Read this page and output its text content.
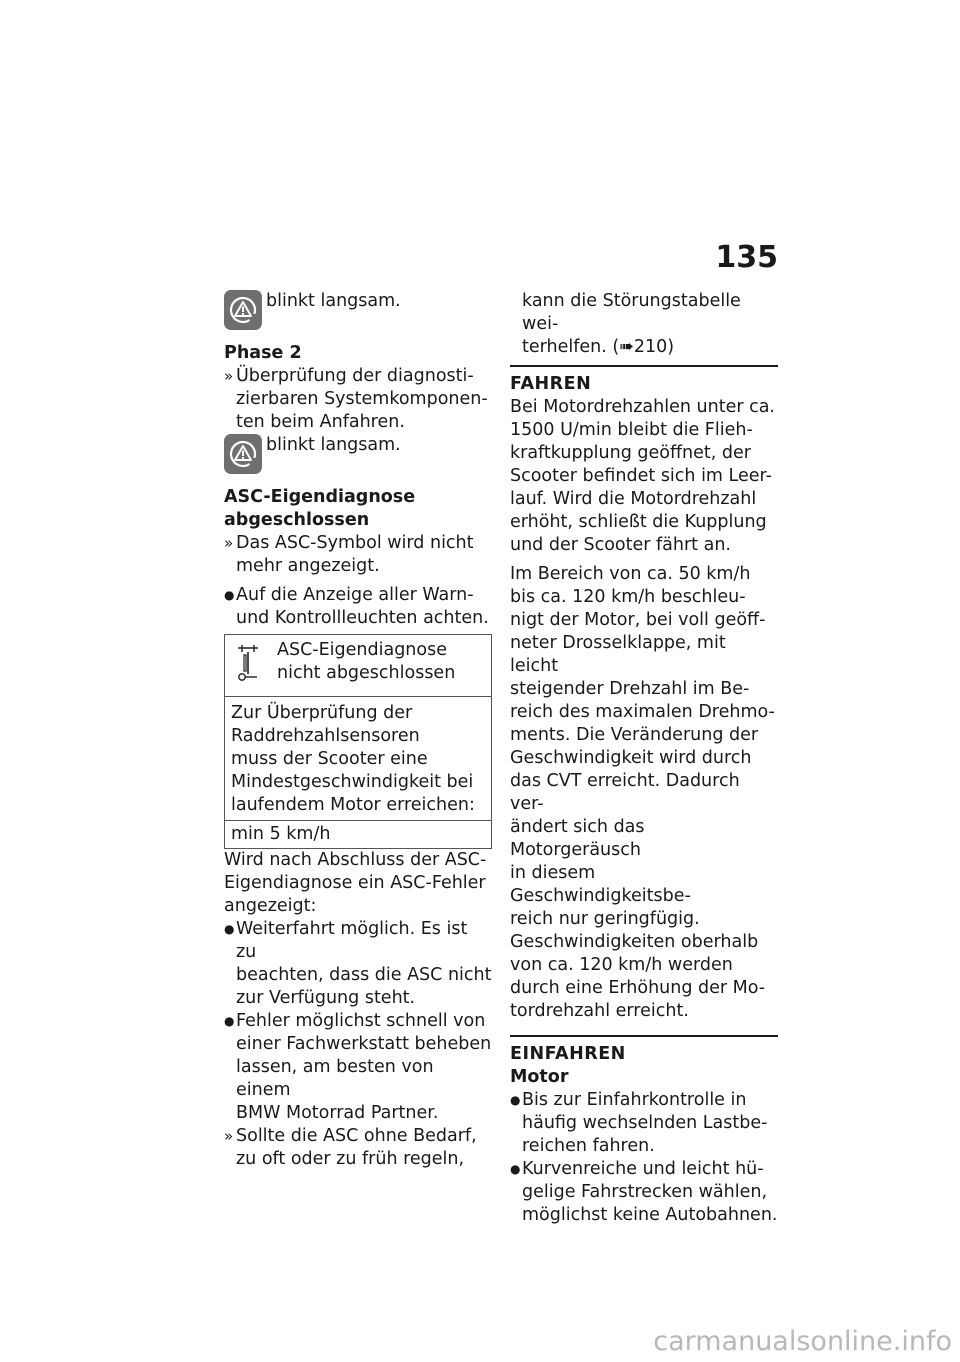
135
blinkt langsam.
Phase 2
» Überprüfung der diagnosti-
zierbaren Systemkomponen-
ten beim Anfahren.
blinkt langsam.
ASC-Eigendiagnose
abgeschlossen
» Das ASC-Symbol wird nicht
mehr angezeigt.
● Auf die Anzeige aller Warn-
und Kontrollleuchten achten.
ASC-Eigendiagnose
nicht abgeschlossen
Zur Überprüfung der
Raddrehzahlsensoren
muss der Scooter eine
Mindestgeschwindigkeit bei
laufendem Motor erreichen:
min 5 km/h
Wird nach Abschluss der ASC-
Eigendiagnose ein ASC-Fehler
angezeigt:
● Weiterfahrt möglich. Es ist zu
beachten, dass die ASC nicht
zur Verfügung steht.
● Fehler möglichst schnell von
einer Fachwerkstatt beheben
lassen, am besten von einem
BMW Motorrad Partner.
» Sollte die ASC ohne Bedarf,
zu oft oder zu früh regeln,
kann die Störungstabelle wei-
terhelfen. (➠210)
FAHREN
Bei Motordrehzahlen unter ca.
1500 U/min bleibt die Flieh-
kraftkupplung geöffnet, der
Scooter befindet sich im Leer-
lauf. Wird die Motordrehzahl
erhöht, schließt die Kupplung
und der Scooter fährt an.
Im Bereich von ca. 50 km/h
bis ca. 120 km/h beschleu-
nigt der Motor, bei voll geöff-
neter Drosselklappe, mit leicht
steigender Drehzahl im Be-
reich des maximalen Drehmo-
ments. Die Veränderung der
Geschwindigkeit wird durch
das CVT erreicht. Dadurch ver-
ändert sich das Motorgeräusch
in diesem Geschwindigkeitsbe-
reich nur geringfügig.
Geschwindigkeiten oberhalb
von ca. 120 km/h werden
durch eine Erhöhung der Mo-
tordrehzahl erreicht.
EINFAHREN
Motor
● Bis zur Einfahrkontrolle in
häufig wechselnden Lastbe-
reichen fahren.
● Kurvenreiche und leicht hü-
gelige Fahrstrecken wählen,
möglichst keine Autobahnen.
carmanualsonline.info
